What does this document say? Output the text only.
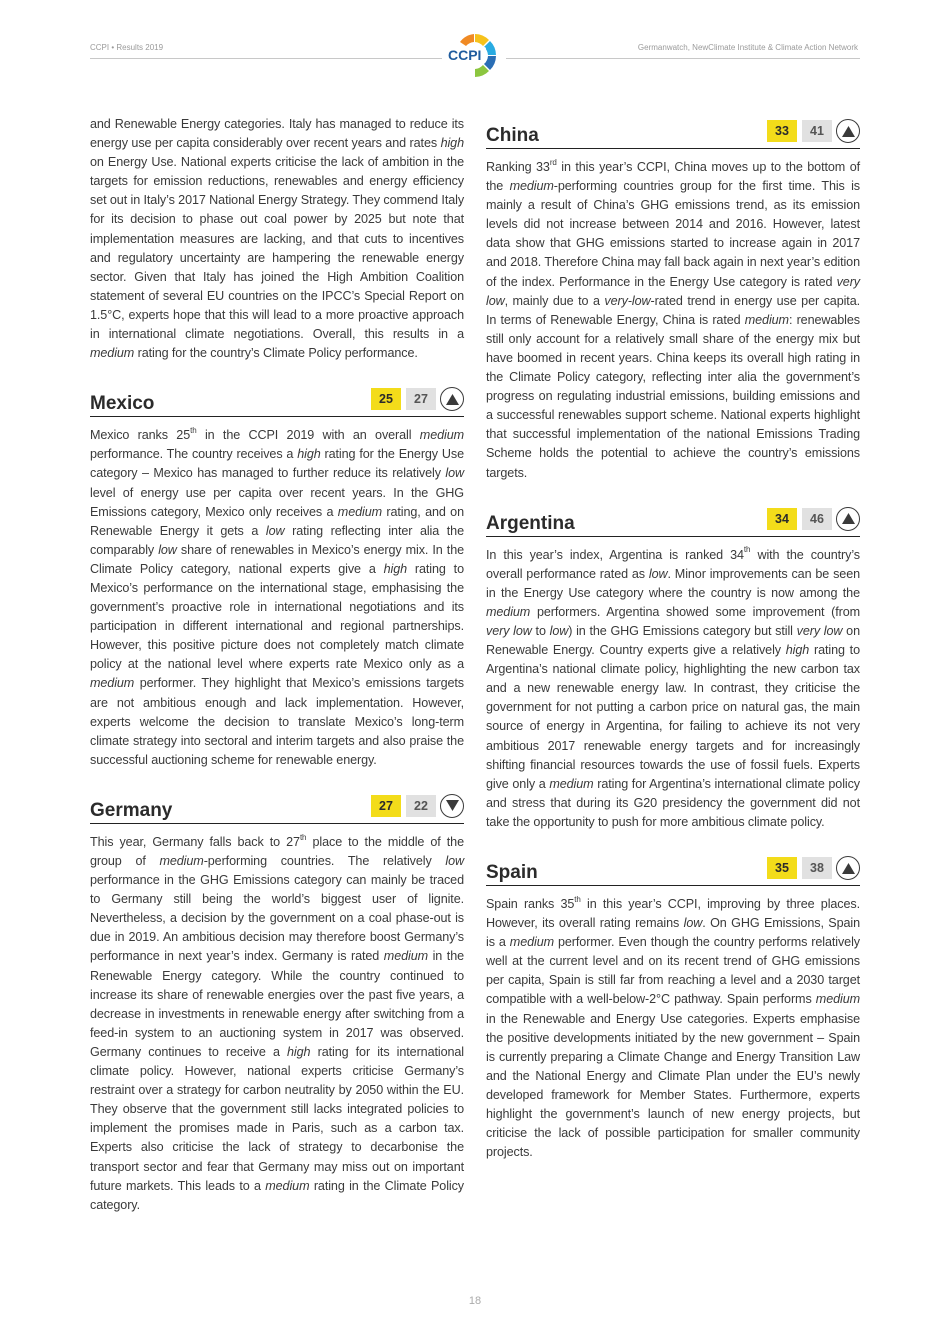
CCPI • Results 2019	Germanwatch, NewClimate Institute & Climate Action Network
CCPI

and Renewable Energy categories. Italy has managed to reduce its energy use per capita considerably over recent years and rates high on Energy Use. National experts criticise the lack of ambition in the targets for emission reductions, renewables and energy efficiency set out in Italy’s 2017 National Energy Strategy. They commend Italy for its decision to phase out coal power by 2025 but note that implementation measures are lacking, and that cuts to incentives and regulatory uncertainty are hampering the renewable energy sector. Given that Italy has joined the High Ambition Coalition statement of several EU countries on the IPCC’s Special Report on 1.5°C, experts hope that this will lead to a more proactive approach in international climate negotiations. Overall, this results in a medium rating for the country’s Climate Policy performance.

Mexico	25	27

Mexico ranks 25th in the CCPI 2019 with an overall medium performance. The country receives a high rating for the Energy Use category – Mexico has managed to further reduce its relatively low level of energy use per capita over recent years. In the GHG Emissions category, Mexico only receives a medium rating, and on Renewable Energy it gets a low rating reflecting inter alia the comparably low share of renewables in Mexico’s energy mix. In the Climate Policy category, national experts give a high rating to Mexico’s performance on the international stage, emphasising the government’s proactive role in international negotiations and its participation in different international and regional partnerships. However, this positive picture does not completely match climate policy at the national level where experts rate Mexico only as a medium performer. They highlight that Mexico’s emissions targets are not ambitious enough and lack implementation. However, experts welcome the decision to translate Mexico’s long-term climate strategy into sectoral and interim targets and also praise the successful auctioning scheme for renewable energy.

Germany	27	22

This year, Germany falls back to 27th place to the middle of the group of medium-performing countries. The relatively low performance in the GHG Emissions category can mainly be traced to Germany still being the world’s biggest user of lignite. Nevertheless, a decision by the government on a coal phase-out is due in 2019. An ambitious decision may therefore boost Germany’s performance in next year’s index. Germany is rated medium in the Renewable Energy category. While the country continued to increase its share of renewable energies over the past five years, a decrease in investments in renewable energy after switching from a feed-in system to an auctioning system in 2017 was observed. Germany continues to receive a high rating for its international climate policy. However, national experts criticise Germany’s restraint over a strategy for carbon neutrality by 2050 within the EU. They observe that the government still lacks integrated policies to implement the promises made in Paris, such as a carbon tax. Experts also criticise the lack of strategy to decarbonise the transport sector and fear that Germany may miss out on important future markets. This leads to a medium rating in the Climate Policy category.

China	33	41

Ranking 33rd in this year’s CCPI, China moves up to the bottom of the medium-performing countries group for the first time. This is mainly a result of China’s GHG emissions trend, as its emission levels did not increase between 2014 and 2016. However, latest data show that GHG emissions started to increase again in 2017 and 2018. Therefore China may fall back again in next year’s edition of the index. Performance in the Energy Use category is rated very low, mainly due to a very-low-rated trend in energy use per capita. In terms of Renewable Energy, China is rated medium: renewables still only account for a relatively small share of the energy mix but have boomed in recent years. China keeps its overall high rating in the Climate Policy category, reflecting inter alia the government’s progress on regulating industrial emissions, building emissions and a successful renewables support scheme. National experts highlight that successful implementation of the national Emissions Trading Scheme holds the potential to achieve the country’s emissions targets.

Argentina	34	46

In this year’s index, Argentina is ranked 34th with the country’s overall performance rated as low. Minor improvements can be seen in the Energy Use category where the country is now among the medium performers. Argentina showed some improvement (from very low to low) in the GHG Emissions category but still very low on Renewable Energy. Country experts give a relatively high rating to Argentina’s national climate policy, highlighting the new carbon tax and a new renewable energy law. In contrast, they criticise the government for not putting a carbon price on natural gas, the main source of energy in Argentina, for failing to achieve its not very ambitious 2017 renewable energy targets and for increasingly shifting financial resources towards the use of fossil fuels. Experts give only a medium rating for Argentina’s international climate policy and stress that during its G20 presidency the government did not take the opportunity to push for more ambitious climate policy.

Spain	35	38

Spain ranks 35th in this year’s CCPI, improving by three places. However, its overall rating remains low. On GHG Emissions, Spain is a medium performer. Even though the country performs relatively well at the current level and on its recent trend of GHG emissions per capita, Spain is still far from reaching a level and a 2030 target compatible with a well-below-2°C pathway. Spain performs medium in the Renewable and Energy Use categories. Experts emphasise the positive developments initiated by the new government – Spain is currently preparing a Climate Change and Energy Transition Law and the National Energy and Climate Plan under the EU’s newly developed framework for Member States. Furthermore, experts highlight the government’s launch of new energy projects, but criticise the lack of possible participation for smaller community projects.

18
